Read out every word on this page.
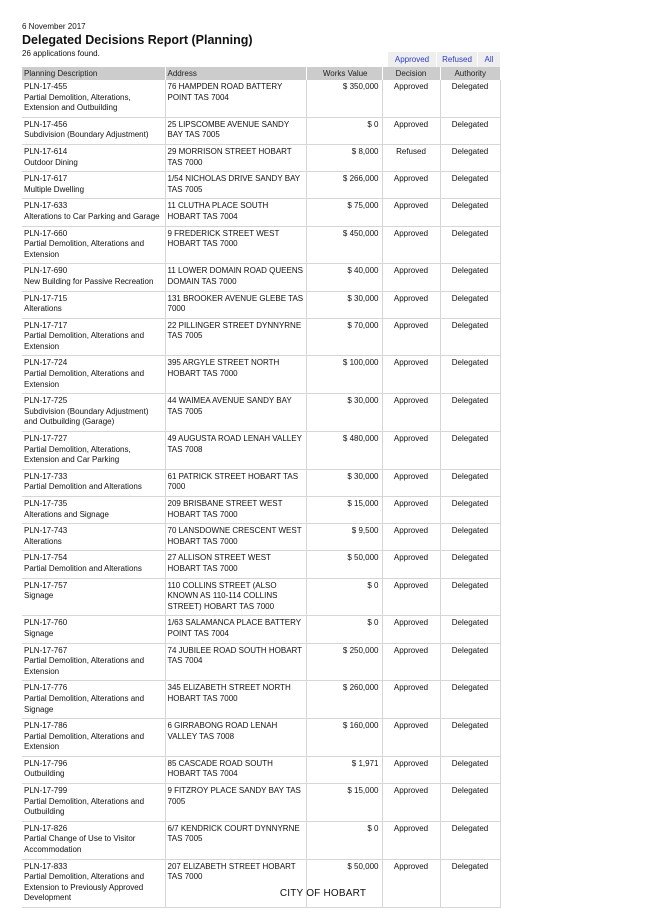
6 November 2017
Delegated Decisions Report (Planning)
26 applications found.
Approved	Refused	All
Planning Description	Address	Works Value	Decision	Authority

PLN-17-455
Partial Demolition, Alterations, Extension and Outbuilding	76 HAMPDEN ROAD BATTERY POINT TAS 7004	$ 350,000	Approved	Delegated

PLN-17-456
Subdivision (Boundary Adjustment)	25 LIPSCOMBE AVENUE SANDY BAY TAS 7005	$ 0	Approved	Delegated

PLN-17-614
Outdoor Dining	29 MORRISON STREET HOBART TAS 7000	$ 8,000	Refused	Delegated

PLN-17-617
Multiple Dwelling	1/54 NICHOLAS DRIVE SANDY BAY TAS 7005	$ 266,000	Approved	Delegated

PLN-17-633
Alterations to Car Parking and Garage	11 CLUTHA PLACE SOUTH HOBART TAS 7004	$ 75,000	Approved	Delegated

PLN-17-660
Partial Demolition, Alterations and Extension	9 FREDERICK STREET WEST HOBART TAS 7000	$ 450,000	Approved	Delegated

PLN-17-690
New Building for Passive Recreation	11 LOWER DOMAIN ROAD QUEENS DOMAIN TAS 7000	$ 40,000	Approved	Delegated

PLN-17-715
Alterations	131 BROOKER AVENUE GLEBE TAS 7000	$ 30,000	Approved	Delegated

PLN-17-717
Partial Demolition, Alterations and Extension	22 PILLINGER STREET DYNNYRNE TAS 7005	$ 70,000	Approved	Delegated

PLN-17-724
Partial Demolition, Alterations and Extension	395 ARGYLE STREET NORTH HOBART TAS 7000	$ 100,000	Approved	Delegated

PLN-17-725
Subdivision (Boundary Adjustment) and Outbuilding (Garage)	44 WAIMEA AVENUE SANDY BAY TAS 7005	$ 30,000	Approved	Delegated

PLN-17-727
Partial Demolition, Alterations, Extension and Car Parking	49 AUGUSTA ROAD LENAH VALLEY TAS 7008	$ 480,000	Approved	Delegated

PLN-17-733
Partial Demolition and Alterations	61 PATRICK STREET HOBART TAS 7000	$ 30,000	Approved	Delegated

PLN-17-735
Alterations and Signage	209 BRISBANE STREET WEST HOBART TAS 7000	$ 15,000	Approved	Delegated

PLN-17-743
Alterations	70 LANSDOWNE CRESCENT WEST HOBART TAS 7000	$ 9,500	Approved	Delegated

PLN-17-754
Partial Demolition and Alterations	27 ALLISON STREET WEST HOBART TAS 7000	$ 50,000	Approved	Delegated

PLN-17-757
Signage	110 COLLINS STREET (ALSO KNOWN AS 110-114 COLLINS STREET) HOBART TAS 7000	$ 0	Approved	Delegated

PLN-17-760
Signage	1/63 SALAMANCA PLACE BATTERY POINT TAS 7004	$ 0	Approved	Delegated

PLN-17-767
Partial Demolition, Alterations and Extension	74 JUBILEE ROAD SOUTH HOBART TAS 7004	$ 250,000	Approved	Delegated

PLN-17-776
Partial Demolition, Alterations and Signage	345 ELIZABETH STREET NORTH HOBART TAS 7000	$ 260,000	Approved	Delegated

PLN-17-786
Partial Demolition, Alterations and Extension	6 GIRRABONG ROAD LENAH VALLEY TAS 7008	$ 160,000	Approved	Delegated

PLN-17-796
Outbuilding	85 CASCADE ROAD SOUTH HOBART TAS 7004	$ 1,971	Approved	Delegated

PLN-17-799
Partial Demolition, Alterations and Outbuilding	9 FITZROY PLACE SANDY BAY TAS 7005	$ 15,000	Approved	Delegated

PLN-17-826
Partial Change of Use to Visitor Accommodation	6/7 KENDRICK COURT DYNNYRNE TAS 7005	$ 0	Approved	Delegated

PLN-17-833
Partial Demolition, Alterations and Extension to Previously Approved Development	207 ELIZABETH STREET HOBART TAS 7000	$ 50,000	Approved	Delegated
CITY OF HOBART
